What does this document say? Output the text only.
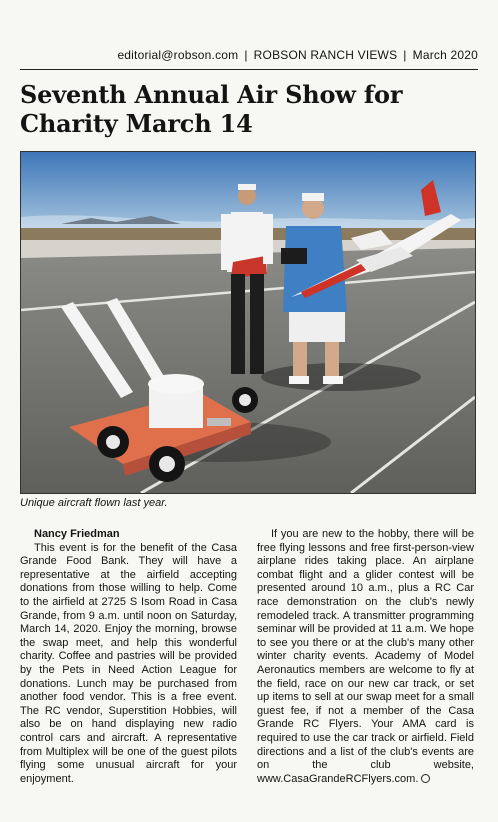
editorial@robson.com | ROBSON RANCH VIEWS | March 2020
Seventh Annual Air Show for Charity March 14
Unique aircraft flown last year.

Nancy Friedman

This event is for the benefit of the Casa Grande Food Bank. They will have a representative at the airfield accepting donations from those willing to help. Come to the airfield at 2725 S Isom Road in Casa Grande, from 9 a.m. until noon on Saturday, March 14, 2020. Enjoy the morning, browse the swap meet, and help this wonderful charity. Coffee and pastries will be provided by the Pets in Need Action League for donations. Lunch may be purchased from another food vendor. This is a free event. The RC vendor, Superstition Hobbies, will also be on hand displaying new radio control cars and aircraft. A representative from Multiplex will be one of the guest pilots flying some unusual aircraft for your enjoyment.

If you are new to the hobby, there will be free flying lessons and free first-person-view airplane rides taking place. An airplane combat flight and a glider contest will be presented around 10 a.m., plus a RC Car race demonstration on the club's newly remodeled track. A transmitter programming seminar will be provided at 11 a.m. We hope to see you there or at the club's many other winter charity events. Academy of Model Aeronautics members are welcome to fly at the field, race on our new car track, or set up items to sell at our swap meet for a small guest fee, if not a member of the Casa Grande RC Flyers. Your AMA card is required to use the car track or airfield. Field directions and a list of the club's events are on the club website, www.CasaGrandeRCFlyers.com.
